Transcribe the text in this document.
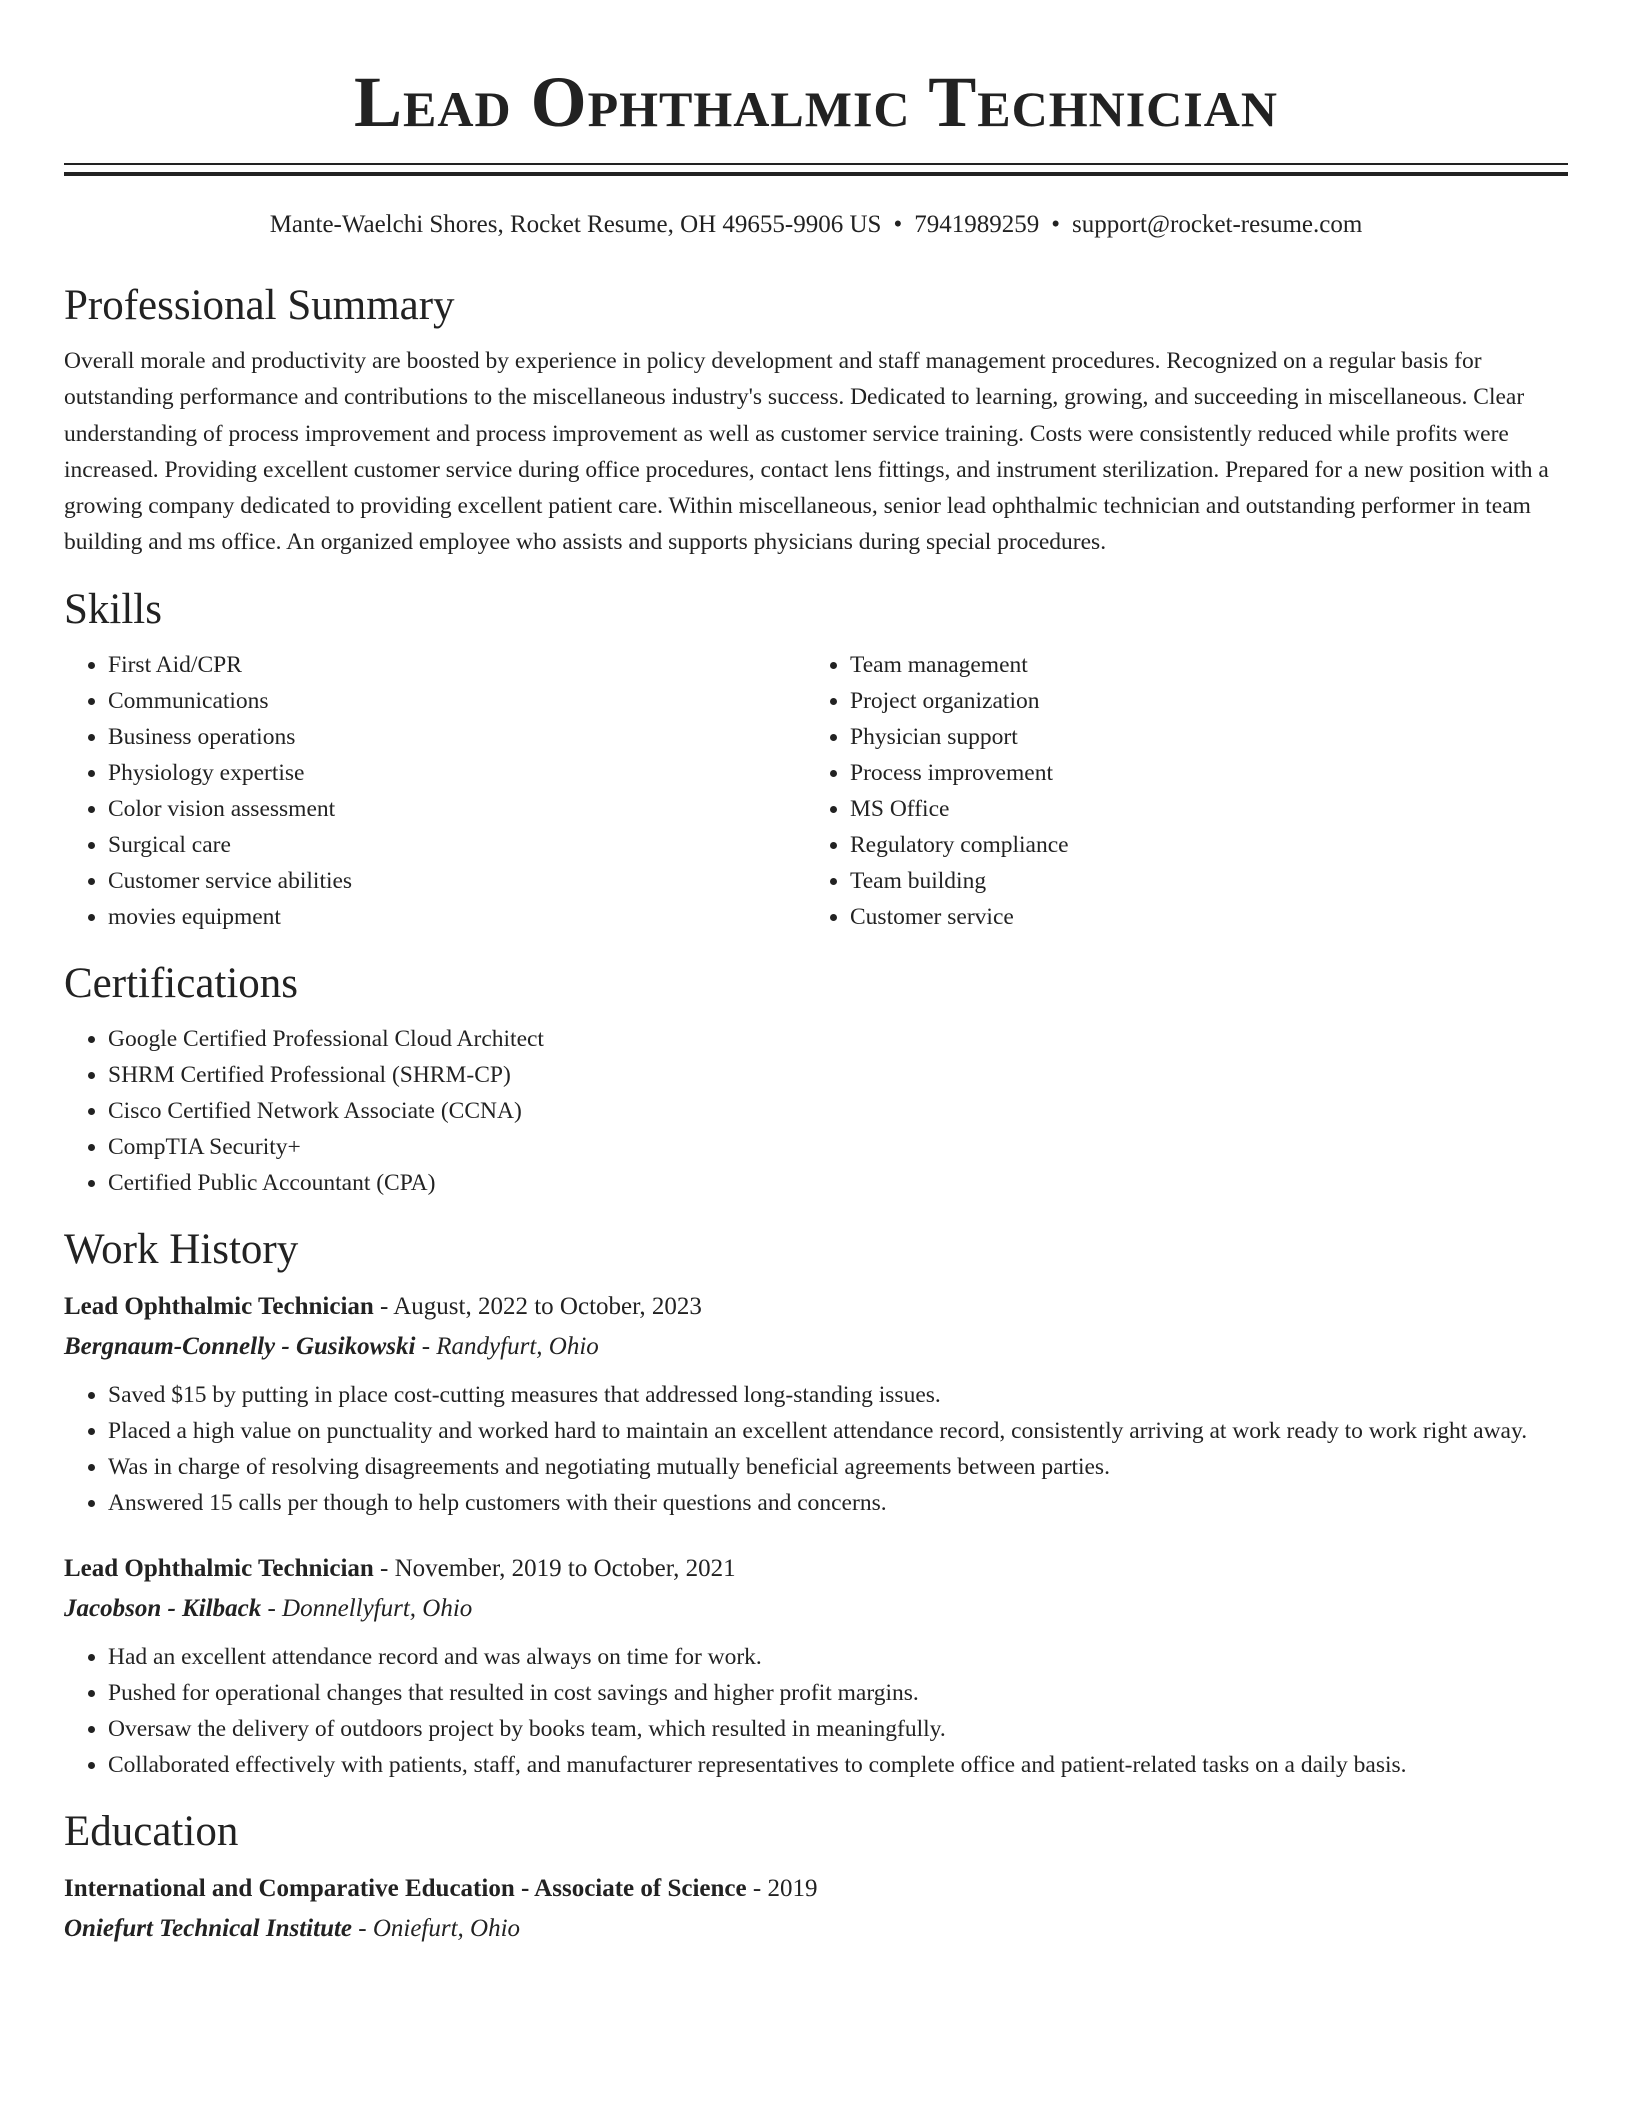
Lead Ophthalmic Technician
Mante-Waelchi Shores, Rocket Resume, OH 49655-9906 US • 7941989259 • support@rocket-resume.com
Professional Summary

Overall morale and productivity are boosted by experience in policy development and staff management procedures. Recognized on a regular basis for outstanding performance and contributions to the miscellaneous industry's success. Dedicated to learning, growing, and succeeding in miscellaneous. Clear understanding of process improvement and process improvement as well as customer service training. Costs were consistently reduced while profits were increased. Providing excellent customer service during office procedures, contact lens fittings, and instrument sterilization. Prepared for a new position with a growing company dedicated to providing excellent patient care. Within miscellaneous, senior lead ophthalmic technician and outstanding performer in team building and ms office. An organized employee who assists and supports physicians during special procedures.

Skills
• First Aid/CPR
• Communications
• Business operations
• Physiology expertise
• Color vision assessment
• Surgical care
• Customer service abilities
• movies equipment
• Team management
• Project organization
• Physician support
• Process improvement
• MS Office
• Regulatory compliance
• Team building
• Customer service
Certifications
• Google Certified Professional Cloud Architect
• SHRM Certified Professional (SHRM-CP)
• Cisco Certified Network Associate (CCNA)
• CompTIA Security+
• Certified Public Accountant (CPA)
Work History
Lead Ophthalmic Technician - August, 2022 to October, 2023
Bergnaum-Connelly - Gusikowski - Randyfurt, Ohio
• Saved $15 by putting in place cost-cutting measures that addressed long-standing issues.
• Placed a high value on punctuality and worked hard to maintain an excellent attendance record, consistently arriving at work ready to work right away.
• Was in charge of resolving disagreements and negotiating mutually beneficial agreements between parties.
• Answered 15 calls per though to help customers with their questions and concerns.
Lead Ophthalmic Technician - November, 2019 to October, 2021
Jacobson - Kilback - Donnellyfurt, Ohio
• Had an excellent attendance record and was always on time for work.
• Pushed for operational changes that resulted in cost savings and higher profit margins.
• Oversaw the delivery of outdoors project by books team, which resulted in meaningfully.
• Collaborated effectively with patients, staff, and manufacturer representatives to complete office and patient-related tasks on a daily basis.
Education
International and Comparative Education - Associate of Science - 2019
Oniefurt Technical Institute - Oniefurt, Ohio
